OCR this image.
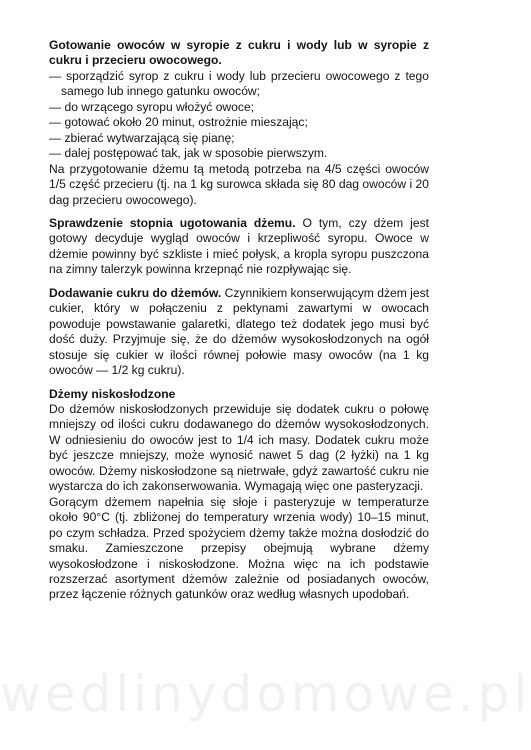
Gotowanie owoców w syropie z cukru i wody lub w syropie z cukru i przecieru owocowego.

— sporządzić syrop z cukru i wody lub przecieru owocowego z tego samego lub innego gatunku owoców;
— do wrzącego syropu włożyć owoce;
— gotować około 20 minut, ostrożnie mieszając;
— zbierać wytwarzającą się pianę;
— dalej postępować tak, jak w sposobie pierwszym.

Na przygotowanie dżemu tą metodą potrzeba na 4/5 części owoców 1/5 część przecieru (tj. na 1 kg surowca składa się 80 dag owoców i 20 dag przecieru owocowego).

Sprawdzenie stopnia ugotowania dżemu. O tym, czy dżem jest gotowy decyduje wygląd owoców i krzepliwość syropu. Owoce w dżemie powinny być szkliste i mieć połysk, a kropla syropu puszczona na zimny talerzyk powinna krzepnąć nie rozpływając się.

Dodawanie cukru do dżemów. Czynnikiem konserwującym dżem jest cukier, który w połączeniu z pektynami zawartymi w owocach powoduje powstawanie galaretki, dlatego też dodatek jego musi być dość duży. Przyjmuje się, że do dżemów wysokosłodzonych na ogół stosuje się cukier w ilości równej połowie masy owoców (na 1 kg owoców — 1/2 kg cukru).

Dżemy niskosłodzone

Do dżemów niskosłodzonych przewiduje się dodatek cukru o połowę mniejszy od ilości cukru dodawanego do dżemów wysokosłodzonych. W odniesieniu do owoców jest to 1/4 ich masy. Dodatek cukru może być jeszcze mniejszy, może wynosić nawet 5 dag (2 łyżki) na 1 kg owoców. Dżemy niskosłodzone są nietrwałe, gdyż zawartość cukru nie wystarcza do ich zakonserwowania. Wymagają więc one pasteryzacji.

Gorącym dżemem napełnia się słoje i pasteryzuje w temperaturze około 90°C (tj. zbliżonej do temperatury wrzenia wody) 10–15 minut, po czym schładza. Przed spożyciem dżemy także można dosłodzić do smaku. Zamieszczone przepisy obejmują wybrane dżemy wysokosłodzone i niskosłodzone. Można więc na ich podstawie rozszerzać asortyment dżemów zależnie od posiadanych owoców, przez łączenie różnych gatunków oraz według własnych upodobań.

wedlinydomowe.pl
